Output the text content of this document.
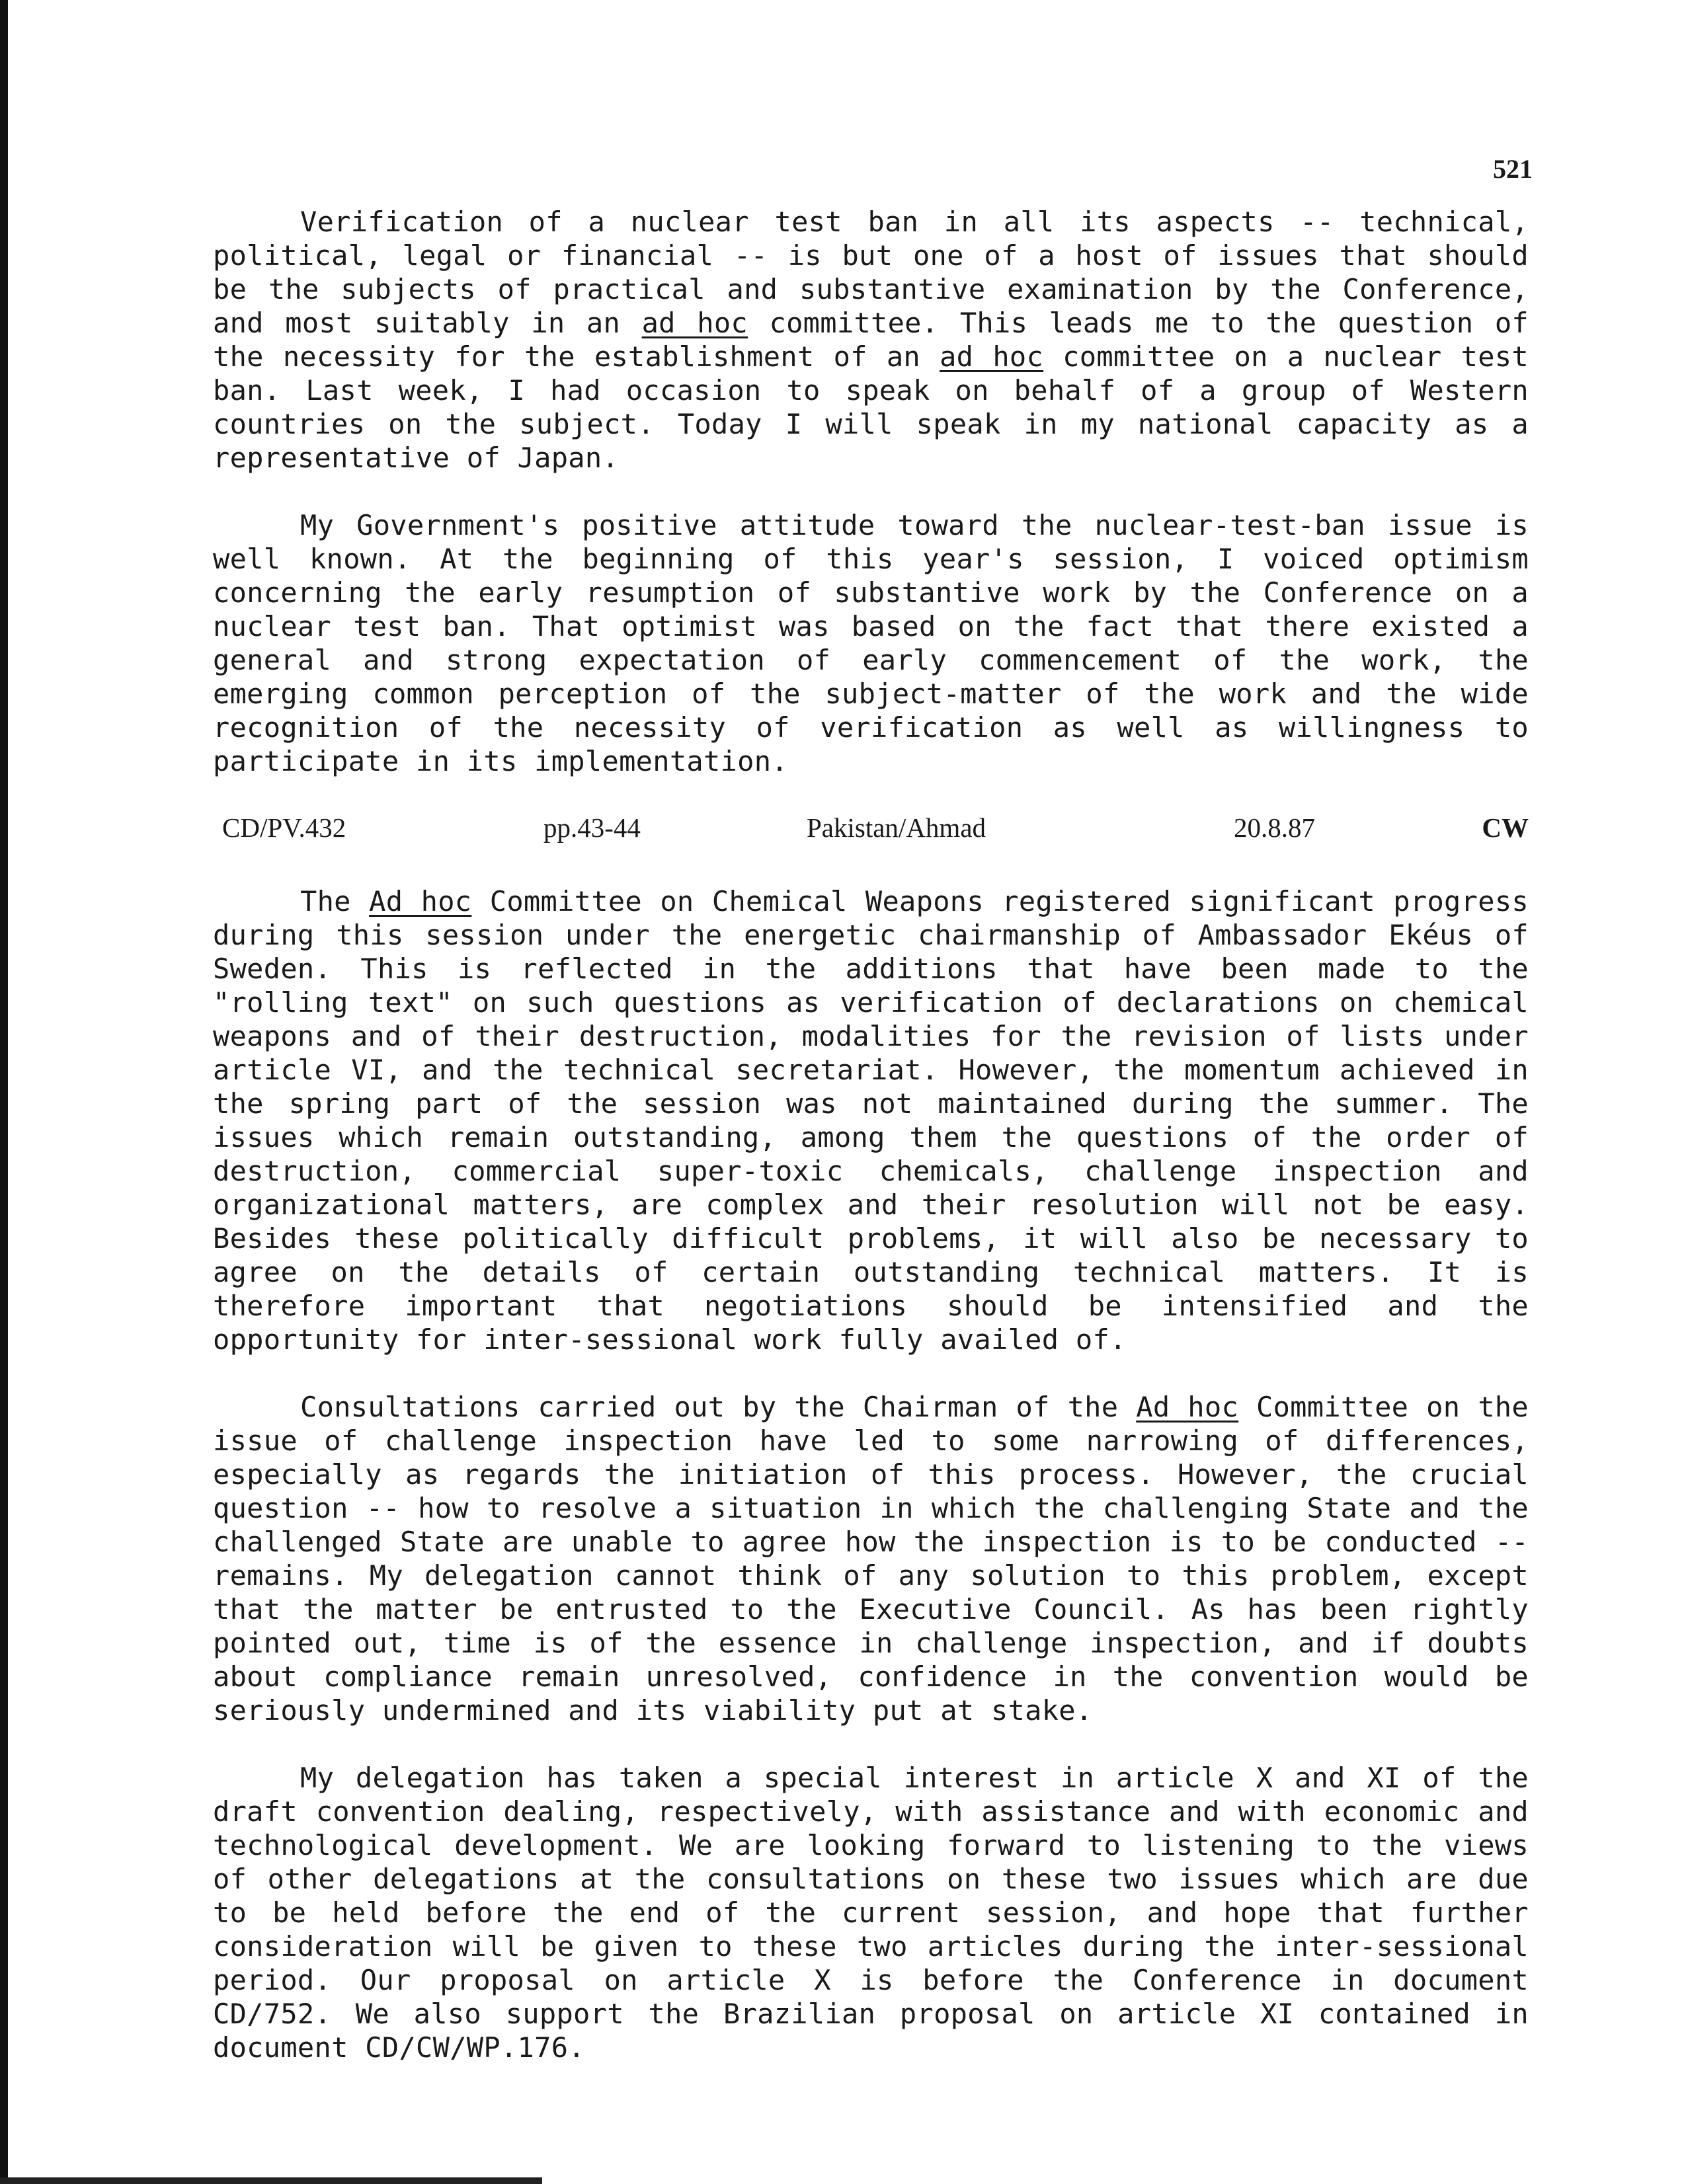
521

Verification of a nuclear test ban in all its aspects -- technical, political, legal or financial -- is but one of a host of issues that should be the subjects of practical and substantive examination by the Conference, and most suitably in an ad hoc committee. This leads me to the question of the necessity for the establishment of an ad hoc committee on a nuclear test ban. Last week, I had occasion to speak on behalf of a group of Western countries on the subject. Today I will speak in my national capacity as a representative of Japan.

My Government's positive attitude toward the nuclear-test-ban issue is well known. At the beginning of this year's session, I voiced optimism concerning the early resumption of substantive work by the Conference on a nuclear test ban. That optimist was based on the fact that there existed a general and strong expectation of early commencement of the work, the emerging common perception of the subject-matter of the work and the wide recognition of the necessity of verification as well as willingness to participate in its implementation.

CD/PV.432	pp.43-44	Pakistan/Ahmad	20.8.87	CW

The Ad hoc Committee on Chemical Weapons registered significant progress during this session under the energetic chairmanship of Ambassador Ekéus of Sweden. This is reflected in the additions that have been made to the "rolling text" on such questions as verification of declarations on chemical weapons and of their destruction, modalities for the revision of lists under article VI, and the technical secretariat. However, the momentum achieved in the spring part of the session was not maintained during the summer. The issues which remain outstanding, among them the questions of the order of destruction, commercial super-toxic chemicals, challenge inspection and organizational matters, are complex and their resolution will not be easy. Besides these politically difficult problems, it will also be necessary to agree on the details of certain outstanding technical matters. It is therefore important that negotiations should be intensified and the opportunity for inter-sessional work fully availed of.

Consultations carried out by the Chairman of the Ad hoc Committee on the issue of challenge inspection have led to some narrowing of differences, especially as regards the initiation of this process. However, the crucial question -- how to resolve a situation in which the challenging State and the challenged State are unable to agree how the inspection is to be conducted -- remains. My delegation cannot think of any solution to this problem, except that the matter be entrusted to the Executive Council. As has been rightly pointed out, time is of the essence in challenge inspection, and if doubts about compliance remain unresolved, confidence in the convention would be seriously undermined and its viability put at stake.

My delegation has taken a special interest in article X and XI of the draft convention dealing, respectively, with assistance and with economic and technological development. We are looking forward to listening to the views of other delegations at the consultations on these two issues which are due to be held before the end of the current session, and hope that further consideration will be given to these two articles during the inter-sessional period. Our proposal on article X is before the Conference in document CD/752. We also support the Brazilian proposal on article XI contained in document CD/CW/WP.176.
